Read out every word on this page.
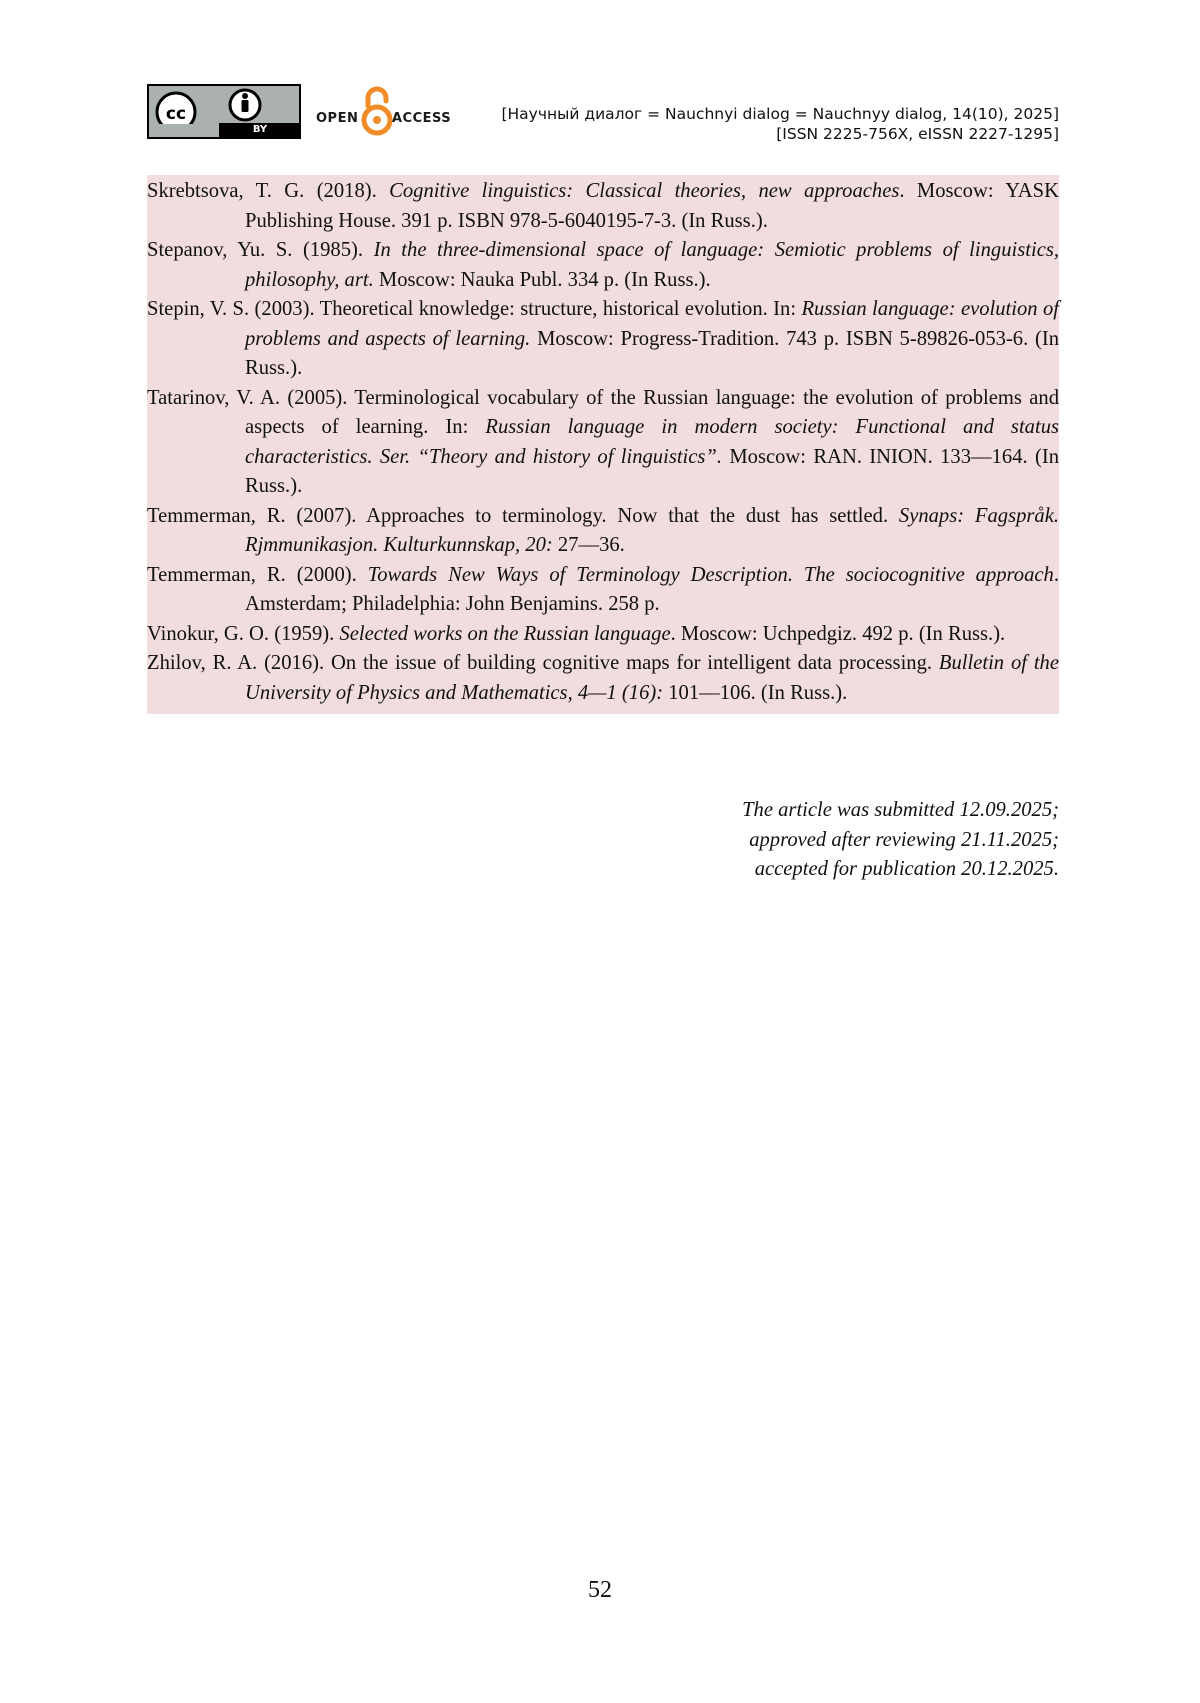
cc
BY
OPEN	ACCESS	[Научный диалог = Nauchnyi dialog = Nauchnyy dialog, 14(10), 2025]
[ISSN 2225-756X, eISSN 2227-1295]

Skrebtsova, T. G. (2018). Cognitive linguistics: Classical theories, new approaches. Moscow: YASK Publishing House. 391 p. ISBN 978-5-6040195-7-3. (In Russ.).

Stepanov, Yu. S. (1985). In the three-dimensional space of language: Semiotic problems of linguistics, philosophy, art. Moscow: Nauka Publ. 334 p. (In Russ.).

Stepin, V. S. (2003). Theoretical knowledge: structure, historical evolution. In: Russian language: evolution of problems and aspects of learning. Moscow: Progress-Tradition. 743 p. ISBN 5-89826-053-6. (In Russ.).

Tatarinov, V. A. (2005). Terminological vocabulary of the Russian language: the evolution of problems and aspects of learning. In: Russian language in modern society: Functional and status characteristics. Ser. “Theory and history of linguistics”. Moscow: RAN. INION. 133—164. (In Russ.).

Temmerman, R. (2007). Approaches to terminology. Now that the dust has settled. Synaps: Fagspråk. Rjmmunikasjon. Kulturkunnskap, 20: 27—36.

Temmerman, R. (2000). Towards New Ways of Terminology Description. The sociocognitive approach. Amsterdam; Philadelphia: John Benjamins. 258 p.

Vinokur, G. O. (1959). Selected works on the Russian language. Moscow: Uchpedgiz. 492 p. (In Russ.).

Zhilov, R. A. (2016). On the issue of building cognitive maps for intelligent data processing. Bulletin of the University of Physics and Mathematics, 4—1 (16): 101—106. (In Russ.).

The article was submitted 12.09.2025;
approved after reviewing 21.11.2025;
accepted for publication 20.12.2025.
52
